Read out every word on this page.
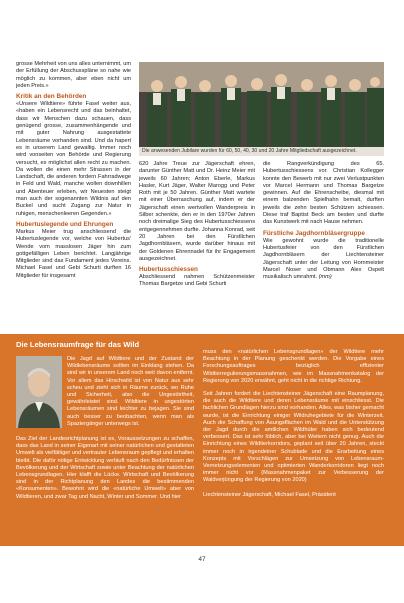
grosse Mehrheit von uns alles unternimmt, um der Erfüllung der Abschusspläne so nahe wie möglich zu kommen, aber eben nicht um jeden Preis.»

Kritik an den Behörden

«Unsere Wildtiere» führte Fasel weiter aus, «haben ein Lebensrecht und das beinhaltet, dass wir Menschen dazu schauen, dass genügend grosse, zusammenhängende und mit guter Nahrung ausgestattete Lebensräume vorhanden sind. Und da hapert es in unserem Land gewaltig. Immer noch wird vonseiten von Behörde und Regierung versucht, es möglichst allen recht zu machen. Da wollen die einen mehr Strassen in der Landschaft, die anderen fordern Fahrradwege in Feld und Wald, manche wollen downhillen und Abenteuer erleben, wir Neuesten steigt man auch der sogenannten Wildnis auf den Buckel und sucht Zugang zur Natur in ruhigen, menschenleeren Gegenden.»

Hubertuslegende und Ehrungen

Markus Meier trug anschliessend die Hubertuslegende vor, welche von Hubertus' Wende vom masslosen Jäger hin zum gottgefälligen Leben berichtet. Langjährige Mitglieder sind das Fundament jedes Vereins. Michael Fasel und Gebi Schurti durften 16 Mitglieder für insgesamt

Die anwesenden Jubilare wurden für 60, 50, 40, 30 und 20 Jahre Mitgliedschaft ausgezeichnet.

620 Jahre Treue zur Jägerschaft ehren, darunter Günther Matt und Dr. Heinz Meier mit jeweils 60 Jahren; Anton Eberle, Markus Hasler, Kurt Jäger, Walter Marogg und Peter Roth mit je 50 Jahren. Günther Matt wartete mit einer Überraschung auf, indem er der Jägerschaft einen wertvollen Wanderpreis in Silber schenkte, den er in den 1970er Jahren noch dreimalige Sieg des Hubertusschiessens entgegennehmen durfte. Johanna Konrad, seit 20 Jahren bei den Fürstlichen Jagdhornbläsern, wurde darüber hinaus mit der Goldenen Ehrennadel für ihr Engagement ausgezeichnet.

Hubertusschiessen

Abschliessend nahmen Schützenmeister Thomas Bargetze und Gebi Schurti

die Rangverkündigung des 65. Hubertusschiessens vor. Christian Kollegger konnte den Bewerb mit nur zwei Verlustpunkten vor Marcel Hermann und Thomas Bargetze gewinnen. Auf die Ehrenscheibe, diesmal mit einem balzenden Spielhahn bemalt, durften jeweils die zehn besten Schützen schiessen. Diese traf Baptist Beck am besten und durfte das Kunstwerk mit nach Hause nehmen.

Fürstliche Jagdhornbläsergruppe

Wie gewohnt wurde die traditionelle Hubertusfeier von den Fürstlichen Jagdhornbläsern der Liechtensteiner Jägerschaft unter der Leitung von Hornmeister Marcel Noser und Obmann Alex Ospelt musikalisch umrahmt. (mm)

Die Lebensraumfrage für das Wild

Die Jagd auf Wildtiere und der Zustand der Wildlebensräume sollten im Einklang stehen. Da sind wir in unserem Land noch weit davon entfernt. Vor allem das Hirschwild ist von Natur aus sehr scheu und zieht sich in Räume zurück, wo Ruhe und Sicherheit, also die Ungestörtheit, gewährleistet sind. Wildtiere in ungestörten Lebensräumen sind leichter zu bejagen. Sie sind auch besser zu beobachten, wenn man als Spaziergänger unterwegs ist.

Das Ziel der Landesrichtplanung ist es, Voraussetzungen zu schaffen, dass das Land in seiner Eigenart mit seiner natürlichen und gestalteten Umwelt als vielfältiger und vertrauter Lebensraum gepflegt und erhalten bleibt. Die daför nötige Entwicklung verläuft nach den Bedürfnissen der Bevölkerung und der Wirtschaft sowie unter Beachtung der natürlichen Lebensgrundlagen. Hier klafft die Lücke. Wirtschaft und Bevölkerung sind in der Richtplanung den Landes die bestimmenden «Konsumenten». Bewohnt wird die «natürliche Umwelt» aber von Wildtieren, und zwar Tag und Nacht, Winter und Sommer. Und hier

muss den «natürlichen Lebensgrundlagen» der Wildtiere mehr Beachtung in der Planung geschenkt werden. Die Vorgabe eines Forschungsauftrages bezüglich effizienter Wildtierregulierungsmassnahmen, wie im Massnahmenkatalog der Regierung von 2020 erwähnt, geht nicht in die richtige Richtung.

Seit Jahren fordert die Liechtensteiner Jägerschaft eine Raumplanung, die auch die Wildtiere und deren Lebensräume mit einschliesst. Die fachlichen Grundlagen hierzu sind vorhanden. Alles, was bisher gemacht wurde, ist die Einrichtung einiger Wildruhegebiete für die Winterzeit. Auch die Schaffung von Äsungsflächen im Wald und die Unterstützung der Jagd durch die amtlichen Wildhüter haben sich bedeutend verbessert. Das ist sehr löblich, aber bei Weitem nicht genug. Auch die Einrichtung eines Wildtierkorridors, geplant seit über 20 Jahren, steckt immer noch in irgendeiner Schublade und die Erarbeitung eines Konzepts mit Vorschlägen zur Umsetzung von Lebensraum-Vernetzungselementen und optimierten Wanderkorridoren liegt noch immer nicht vor (Massnahmenpaket zur Verbesserung der Waldverjüngung der Regierung von 2020)

Liechtensteiner Jägerschaft, Michael Fasel, Präsident

47
